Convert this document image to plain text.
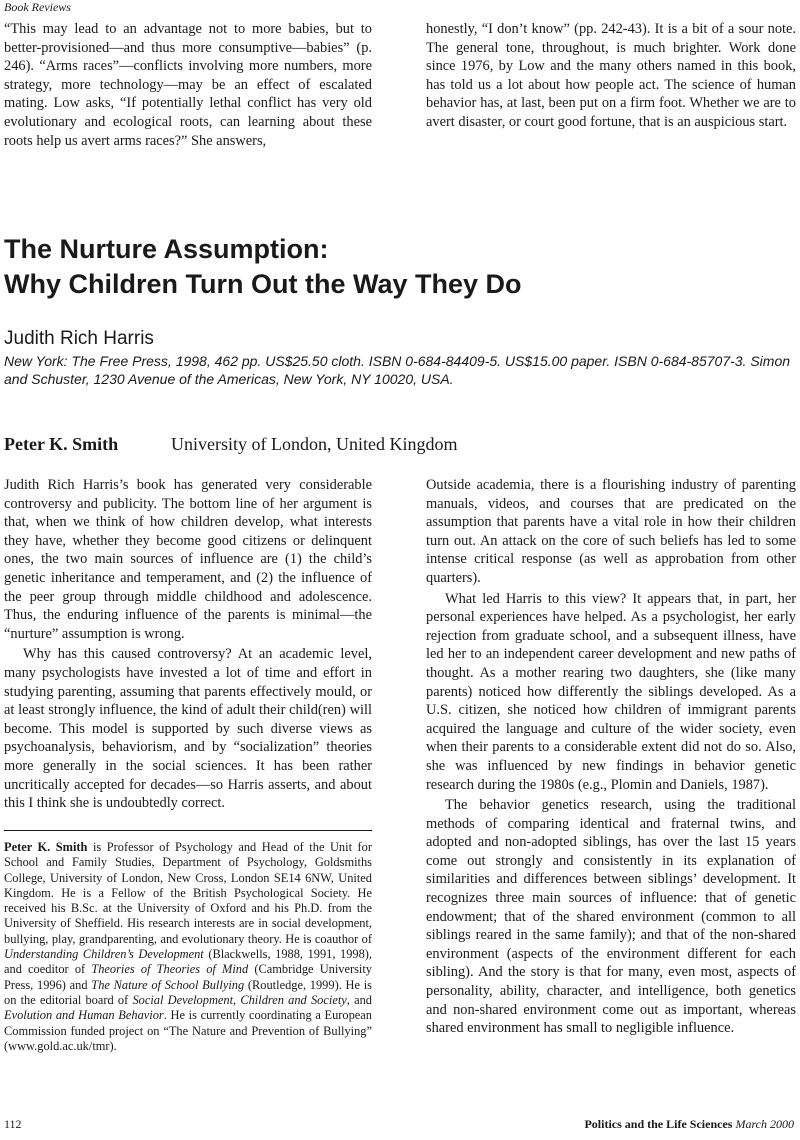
Book Reviews

“This may lead to an advantage not to more babies, but to better-provisioned—and thus more consumptive—babies” (p. 246). “Arms races”—conflicts involving more numbers, more strategy, more technology—may be an effect of escalated mating. Low asks, “If potentially lethal conflict has very old evolutionary and ecological roots, can learning about these roots help us avert arms races?” She answers,

honestly, “I don’t know” (pp. 242-43). It is a bit of a sour note. The general tone, throughout, is much brighter. Work done since 1976, by Low and the many others named in this book, has told us a lot about how people act. The science of human behavior has, at last, been put on a firm foot. Whether we are to avert disaster, or court good fortune, that is an auspicious start.

The Nurture Assumption:
Why Children Turn Out the Way They Do
Judith Rich Harris
New York: The Free Press, 1998, 462 pp. US$25.50 cloth. ISBN 0-684-84409-5. US$15.00 paper. ISBN 0-684-85707-3. Simon and Schuster, 1230 Avenue of the Americas, New York, NY 10020, USA.
Peter K. Smith	University of London, United Kingdom

Judith Rich Harris’s book has generated very considerable controversy and publicity. The bottom line of her argument is that, when we think of how children develop, what interests they have, whether they become good citizens or delinquent ones, the two main sources of influence are (1) the child’s genetic inheritance and temperament, and (2) the influence of the peer group through middle childhood and adolescence. Thus, the enduring influence of the parents is minimal—the “nurture” assumption is wrong.

Why has this caused controversy? At an academic level, many psychologists have invested a lot of time and effort in studying parenting, assuming that parents effectively mould, or at least strongly influence, the kind of adult their child(ren) will become. This model is supported by such diverse views as psychoanalysis, behaviorism, and by “socialization” theories more generally in the social sciences. It has been rather uncritically accepted for decades—so Harris asserts, and about this I think she is undoubtedly correct.

Peter K. Smith is Professor of Psychology and Head of the Unit for School and Family Studies, Department of Psychology, Goldsmiths College, University of London, New Cross, London SE14 6NW, United Kingdom. He is a Fellow of the British Psychological Society. He received his B.Sc. at the University of Oxford and his Ph.D. from the University of Sheffield. His research interests are in social development, bullying, play, grandparenting, and evolutionary theory. He is coauthor of Understanding Children’s Development (Blackwells, 1988, 1991, 1998), and coeditor of Theories of Theories of Mind (Cambridge University Press, 1996) and The Nature of School Bullying (Routledge, 1999). He is on the editorial board of Social Development, Children and Society, and Evolution and Human Behavior. He is currently coordinating a European Commission funded project on “The Nature and Prevention of Bullying” (www.gold.ac.uk/tmr).

Outside academia, there is a flourishing industry of parenting manuals, videos, and courses that are predicated on the assumption that parents have a vital role in how their children turn out. An attack on the core of such beliefs has led to some intense critical response (as well as approbation from other quarters).

What led Harris to this view? It appears that, in part, her personal experiences have helped. As a psychologist, her early rejection from graduate school, and a subsequent illness, have led her to an independent career development and new paths of thought. As a mother rearing two daughters, she (like many parents) noticed how differently the siblings developed. As a U.S. citizen, she noticed how children of immigrant parents acquired the language and culture of the wider society, even when their parents to a considerable extent did not do so. Also, she was influenced by new findings in behavior genetic research during the 1980s (e.g., Plomin and Daniels, 1987).

The behavior genetics research, using the traditional methods of comparing identical and fraternal twins, and adopted and non-adopted siblings, has over the last 15 years come out strongly and consistently in its explanation of similarities and differences between siblings’ development. It recognizes three main sources of influence: that of genetic endowment; that of the shared environment (common to all siblings reared in the same family); and that of the non-shared environment (aspects of the environment different for each sibling). And the story is that for many, even most, aspects of personality, ability, character, and intelligence, both genetics and non-shared environment come out as important, whereas shared environment has small to negligible influence.

112	Politics and the Life Sciences March 2000
